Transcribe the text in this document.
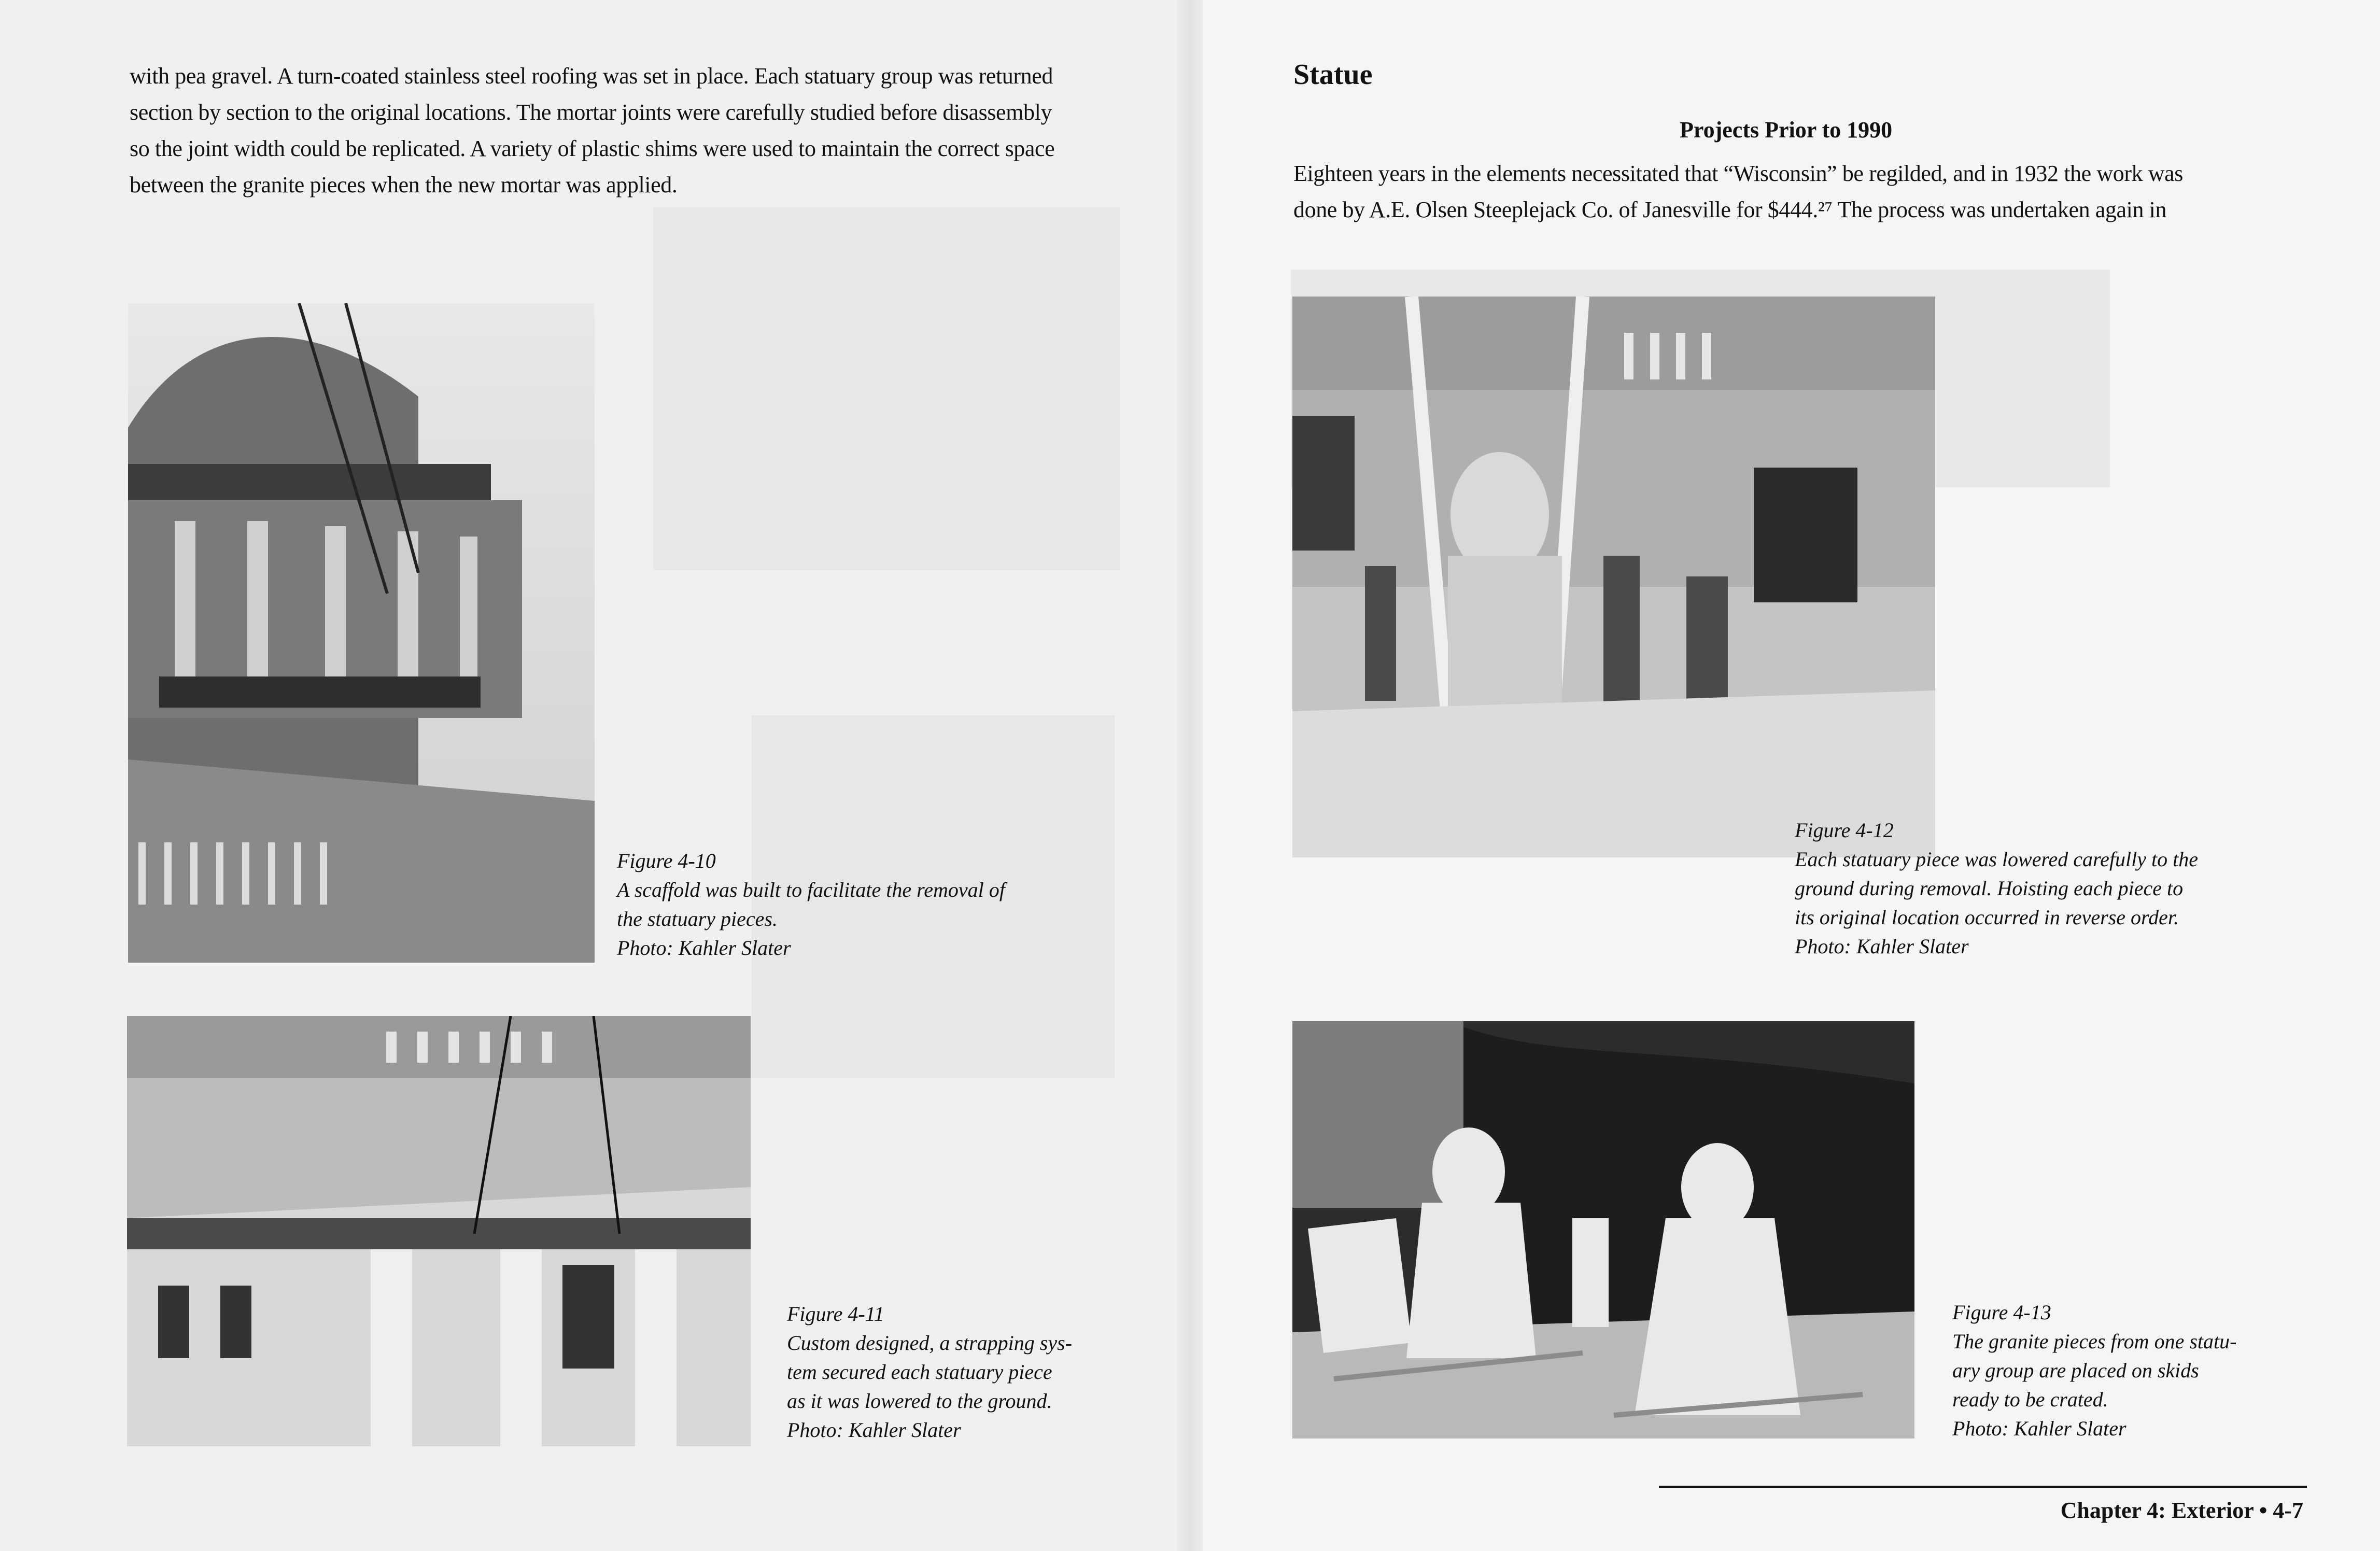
with pea gravel. A turn-coated stainless steel roofing was set in place. Each statuary group was returned

section by section to the original locations. The mortar joints were carefully studied before disassembly

so the joint width could be replicated. A variety of plastic shims were used to maintain the correct space

between the granite pieces when the new mortar was applied.

Figure 4-10
A scaffold was built to facilitate the removal of
the statuary pieces.
Photo: Kahler Slater
Figure 4-11
Custom designed, a strapping sys-
tem secured each statuary piece
as it was lowered to the ground.
Photo: Kahler Slater
Statue
Projects Prior to 1990

Eighteen years in the elements necessitated that “Wisconsin” be regilded, and in 1932 the work was

done by A.E. Olsen Steeplejack Co. of Janesville for $444.²⁷ The process was undertaken again in

Figure 4-12
Each statuary piece was lowered carefully to the
ground during removal. Hoisting each piece to
its original location occurred in reverse order.
Photo: Kahler Slater
Figure 4-13
The granite pieces from one statu-
ary group are placed on skids
ready to be crated.
Photo: Kahler Slater

Chapter 4: Exterior • 4-7
